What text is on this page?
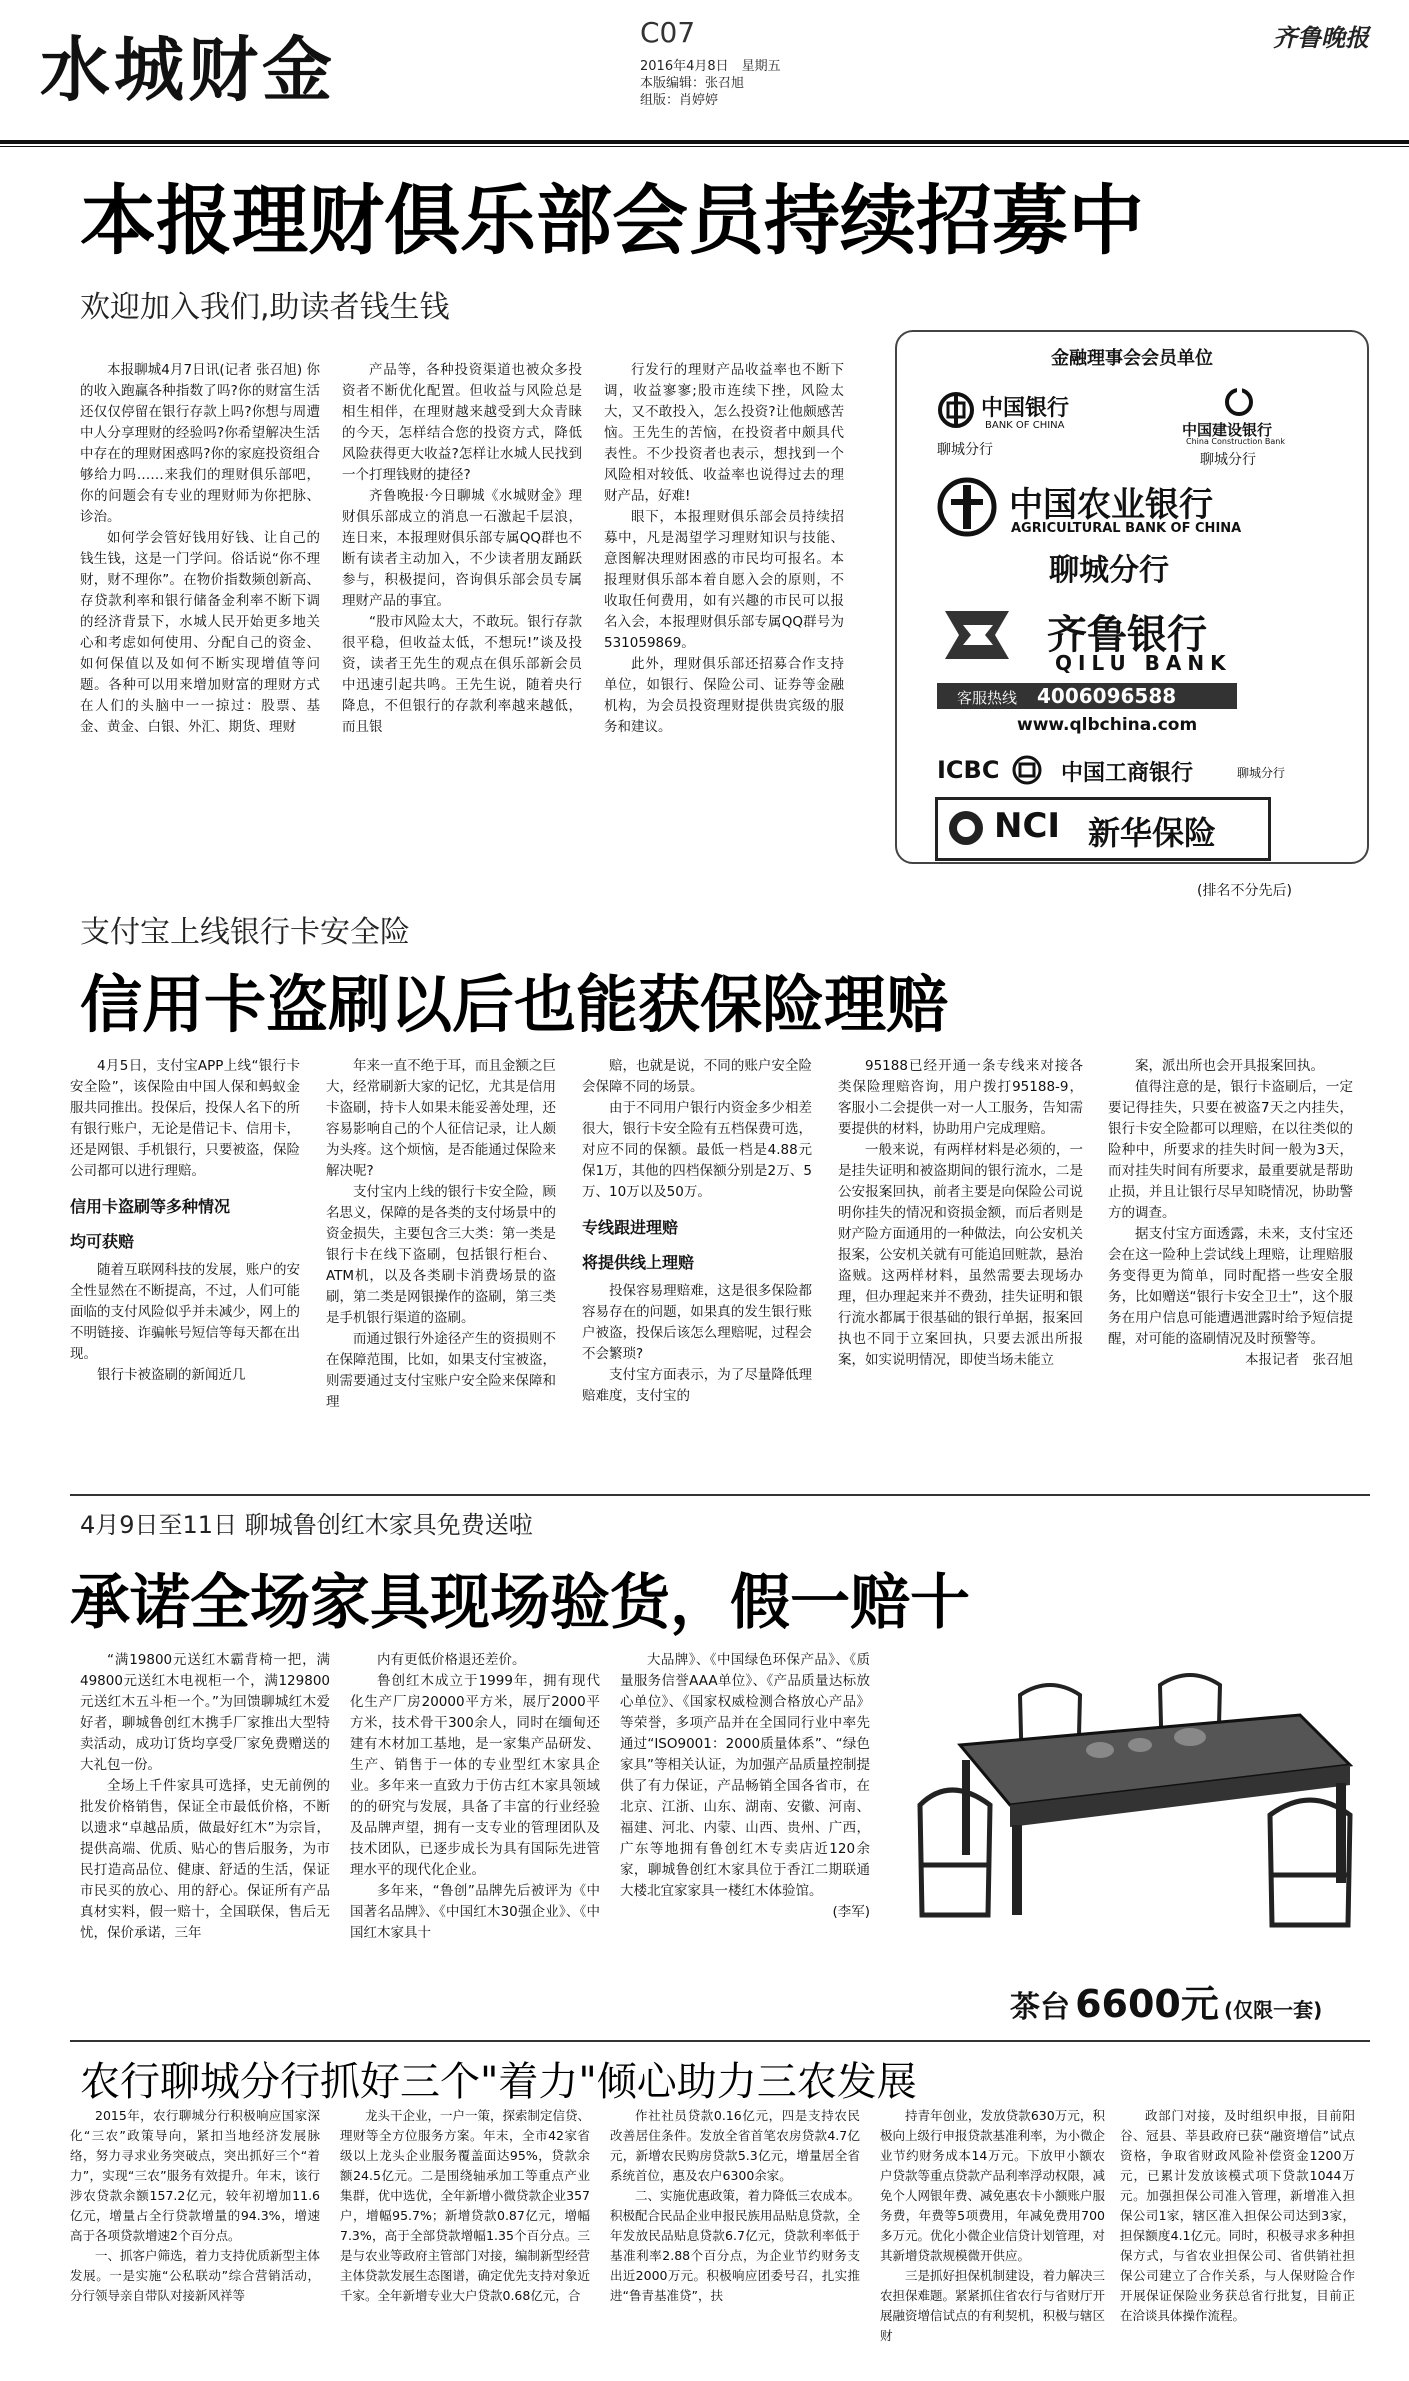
水城财金	C07
2016年4月8日　星期五
本版编辑：张召旭
组版：肖婷婷
齐鲁晚报
本报理财俱乐部会员持续招募中
欢迎加入我们,助读者钱生钱

本报聊城4月7日讯(记者 张召旭) 你的收入跑赢各种指数了吗?你的财富生活还仅仅停留在银行存款上吗?你想与周遭中人分享理财的经验吗?你希望解决生活中存在的理财困惑吗?你的家庭投资组合够给力吗……来我们的理财俱乐部吧，你的问题会有专业的理财师为你把脉、诊治。

如何学会管好钱用好钱、让自己的钱生钱，这是一门学问。俗话说“你不理财，财不理你”。在物价指数频创新高、存贷款利率和银行储备金利率不断下调的经济背景下，水城人民开始更多地关心和考虑如何使用、分配自己的资金、如何保值以及如何不断实现增值等问题。各种可以用来增加财富的理财方式在人们的头脑中一一掠过：股票、基金、黄金、白银、外汇、期货、理财

产品等，各种投资渠道也被众多投资者不断优化配置。但收益与风险总是相生相伴，在理财越来越受到大众青睐的今天，怎样结合您的投资方式，降低风险获得更大收益?怎样让水城人民找到一个打理钱财的捷径?

齐鲁晚报·今日聊城《水城财金》理财俱乐部成立的消息一石激起千层浪，连日来，本报理财俱乐部专属QQ群也不断有读者主动加入，不少读者朋友踊跃参与，积极提问，咨询俱乐部会员专属理财产品的事宜。

“股市风险太大，不敢玩。银行存款很平稳，但收益太低，不想玩!”谈及投资，读者王先生的观点在俱乐部新会员中迅速引起共鸣。王先生说，随着央行降息，不但银行的存款利率越来越低，而且银

行发行的理财产品收益率也不断下调，收益寥寥;股市连续下挫，风险太大，又不敢投入，怎么投资?让他颇感苦恼。王先生的苦恼，在投资者中颇具代表性。不少投资者也表示，想找到一个风险相对较低、收益率也说得过去的理财产品，好难!

眼下，本报理财俱乐部会员持续招募中，凡是渴望学习理财知识与技能、意图解决理财困惑的市民均可报名。本报理财俱乐部本着自愿入会的原则，不收取任何费用，如有兴趣的市民可以报名入会，本报理财俱乐部专属QQ群号为531059869。

此外，理财俱乐部还招募合作支持单位，如银行、保险公司、证券等金融机构，为会员投资理财提供贵宾级的服务和建议。

金融理事会会员单位
中国银行
BANK OF CHINA
聊城分行
中国建设银行
China Construction Bank
聊城分行
中国农业银行
AGRICULTURAL BANK OF CHINA
聊城分行
齐鲁银行
QILU BANK
客服热线 4006096588
www.qlbchina.com
ICBC	中国工商银行	聊城分行
NCI 新华保险
(排名不分先后)
支付宝上线银行卡安全险
信用卡盗刷以后也能获保险理赔

4月5日，支付宝APP上线“银行卡安全险”，该保险由中国人保和蚂蚁金服共同推出。投保后，投保人名下的所有银行账户，无论是借记卡、信用卡，还是网银、手机银行，只要被盗，保险公司都可以进行理赔。

信用卡盗刷等多种情况

均可获赔

随着互联网科技的发展，账户的安全性显然在不断提高，不过，人们可能面临的支付风险似乎并未减少，网上的不明链接、诈骗帐号短信等每天都在出现。

银行卡被盗刷的新闻近几

年来一直不绝于耳，而且金额之巨大，经常刷新大家的记忆，尤其是信用卡盗刷，持卡人如果未能妥善处理，还容易影响自己的个人征信记录，让人颇为头疼。这个烦恼，是否能通过保险来解决呢?

支付宝内上线的银行卡安全险，顾名思义，保障的是各类的支付场景中的资金损失，主要包含三大类：第一类是银行卡在线下盗刷，包括银行柜台、ATM机，以及各类刷卡消费场景的盗刷，第二类是网银操作的盗刷，第三类是手机银行渠道的盗刷。

而通过银行外途径产生的资损则不在保障范围，比如，如果支付宝被盗，则需要通过支付宝账户安全险来保障和理

赔，也就是说，不同的账户安全险会保障不同的场景。

由于不同用户银行内资金多少相差很大，银行卡安全险有五档保费可选，对应不同的保额。最低一档是4.88元保1万，其他的四档保额分别是2万、5万、10万以及50万。

专线跟进理赔

将提供线上理赔

投保容易理赔难，这是很多保险都容易存在的问题，如果真的发生银行账户被盗，投保后该怎么理赔呢，过程会不会繁琐?

支付宝方面表示，为了尽量降低理赔难度，支付宝的

95188已经开通一条专线来对接各类保险理赔咨询，用户拨打95188-9，客服小二会提供一对一人工服务，告知需要提供的材料，协助用户完成理赔。

一般来说，有两样材料是必须的，一是挂失证明和被盗期间的银行流水，二是公安报案回执，前者主要是向保险公司说明你挂失的情况和资损金额，而后者则是财产险方面通用的一种做法，向公安机关报案，公安机关就有可能追回赃款，悬治盗贼。这两样材料，虽然需要去现场办理，但办理起来并不费劲，挂失证明和银行流水都属于很基础的银行单据，报案回执也不同于立案回执，只要去派出所报案，如实说明情况，即使当场未能立

案，派出所也会开具报案回执。

值得注意的是，银行卡盗刷后，一定要记得挂失，只要在被盗7天之内挂失，银行卡安全险都可以理赔，在以往类似的险种中，所要求的挂失时间一般为3天，而对挂失时间有所要求，最重要就是帮助止损，并且让银行尽早知晓情况，协助警方的调查。

据支付宝方面透露，未来，支付宝还会在这一险种上尝试线上理赔，让理赔服务变得更为简单，同时配搭一些安全服务，比如赠送“银行卡安全卫士”，这个服务在用户信息可能遭遇泄露时给予短信提醒，对可能的盗刷情况及时预警等。

本报记者　张召旭

4月9日至11日 聊城鲁创红木家具免费送啦
承诺全场家具现场验货，假一赔十

“满19800元送红木霸背椅一把，满49800元送红木电视柜一个，满129800元送红木五斗柜一个。”为回馈聊城红木爱好者，聊城鲁创红木携手厂家推出大型特卖活动，成功订货均享受厂家免费赠送的大礼包一份。

全场上千件家具可选择，史无前例的批发价格销售，保证全市最低价格，不断以遗求“卓越品质，做最好红木”为宗旨，提供高端、优质、贴心的售后服务，为市民打造高品位、健康、舒适的生活，保证市民买的放心、用的舒心。保证所有产品真材实料，假一赔十，全国联保，售后无忧，保价承诺，三年

内有更低价格退还差价。

鲁创红木成立于1999年，拥有现代化生产厂房20000平方米，展厅2000平方米，技术骨干300余人，同时在缅甸还建有木材加工基地，是一家集产品研发、生产、销售于一体的专业型红木家具企业。多年来一直致力于仿古红木家具领域的的研究与发展，具备了丰富的行业经验及品牌声望，拥有一支专业的管理团队及技术团队，已逐步成长为具有国际先进管理水平的现代化企业。

多年来，“鲁创”品牌先后被评为《中国著名品牌》、《中国红木30强企业》、《中国红木家具十

大品牌》、《中国绿色环保产品》、《质量服务信誉AAA单位》、《产品质量达标放心单位》、《国家权威检测合格放心产品》等荣誉，多项产品并在全国同行业中率先通过“ISO9001：2000质量体系”、“绿色家具”等相关认证，为加强产品质量控制提供了有力保证，产品畅销全国各省市，在北京、江浙、山东、湖南、安徽、河南、福建、河北、内蒙、山西、贵州、广西，广东等地拥有鲁创红木专卖店近120余家，聊城鲁创红木家具位于香江二期联通大楼北宜家家具一楼红木体验馆。

(李军)

茶台 6600元 (仅限一套)
农行聊城分行抓好三个"着力"倾心助力三农发展

2015年，农行聊城分行积极响应国家深化“三农”政策导向，紧扣当地经济发展脉络，努力寻求业务突破点，突出抓好三个“着力”，实现“三农”服务有效提升。年末，该行涉农贷款余额157.2亿元，较年初增加11.6亿元，增量占全行贷款增量的94.3%，增速高于各项贷款增速2个百分点。

一、抓客户筛选，着力支持优质新型主体发展。一是实施“公私联动”综合营销活动，分行领导亲自带队对接新风祥等

龙头干企业，一户一策，探索制定信贷、理财等全方位服务方案。年末，全市42家省级以上龙头企业服务覆盖面达95%，贷款余额24.5亿元。二是围绕轴承加工等重点产业集群，优中选优，全年新增小微贷款企业357户，增幅95.7%；新增贷款0.87亿元，增幅7.3%，高于全部贷款增幅1.35个百分点。三是与农业等政府主管部门对接，编制新型经营主体贷款发展生态图谱，确定优先支持对象近千家。全年新增专业大户贷款0.68亿元，合

作社社员贷款0.16亿元，四是支持农民改善居住条件。发放全省首笔农房贷款4.7亿元，新增农民购房贷款5.3亿元，增量居全省系统首位，惠及农户6300余家。

二、实施优惠政策，着力降低三农成本。积极配合民品企业申报民族用品贴息贷款，全年发放民品贴息贷款6.7亿元，贷款利率低于基准利率2.88个百分点，为企业节约财务支出近2000万元。积极响应团委号召，扎实推进“鲁青基准贷”，扶

持青年创业，发放贷款630万元，积极向上级行申报贷款基准利率，为小微企业节约财务成本14万元。下放甲小额农户贷款等重点贷款产品利率浮动权限，减免个人网银年费、减免惠农卡小额账户服务费，年费等5项费用，年减免费用700多万元。优化小微企业信贷计划管理，对其新增贷款规模微开供应。

三是抓好担保机制建设，着力解决三农担保难题。紧紧抓住省农行与省财厅开展融资增信试点的有利契机，积极与辖区财

政部门对接，及时组织申报，目前阳谷、冠县、莘县政府已获“融资增信”试点资格，争取省财政风险补偿资金1200万元，已累计发放该模式项下贷款1044万元。加强担保公司准入管理，新增准入担保公司1家，辖区准入担保公司达到3家，担保额度4.1亿元。同时，积极寻求多种担保方式，与省农业担保公司、省供销社担保公司建立了合作关系，与人保财险合作开展保证保险业务获总省行批复，目前正在洽谈具体操作流程。
